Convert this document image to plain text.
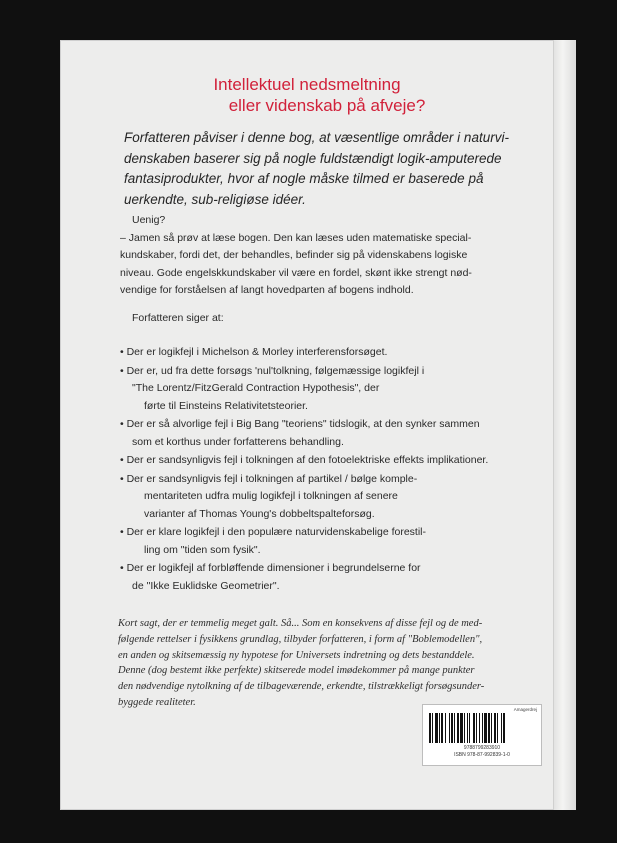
Intellektuel nedsmeltning
eller videnskab på afveje?
Forfatteren påviser i denne bog, at væsentlige områder i naturvi-
denskaben baserer sig på nogle fuldstændigt logik-amputerede
fantasiprodukter, hvor af nogle måske tilmed er baserede på
uerkendte, sub-religiøse idéer.
Uenig?
– Jamen så prøv at læse bogen. Den kan læses uden matematiske special-
kundskaber, fordi det, der behandles, befinder sig på videnskabens logiske
niveau. Gode engelskkundskaber vil være en fordel, skønt ikke strengt nød-
vendige for forståelsen af langt hovedparten af bogens indhold.
Forfatteren siger at:
• Der er logikfejl i Michelson & Morley interferensforsøget.
• Der er, ud fra dette forsøgs 'nul'tolkning, følgemæssige logikfejl i
"The Lorentz/FitzGerald Contraction Hypothesis", der
førte til Einsteins Relativitetsteorier.
• Der er så alvorlige fejl i Big Bang "teoriens" tidslogik, at den synker sammen
som et korthus under forfatterens behandling.
• Der er sandsynligvis fejl i tolkningen af den fotoelektriske effekts implikationer.
• Der er sandsynligvis fejl i tolkningen af partikel / bølge komple-
mentariteten udfra mulig logikfejl i tolkningen af senere
varianter af Thomas Young's dobbeltspalteforsøg.
• Der er klare logikfejl i den populære naturvidenskabelige forestil-
ling om "tiden som fysik".
• Der er logikfejl af forbløffende dimensioner i begrundelserne for
de "Ikke Euklidske Geometrier".
Kort sagt, der er temmelig meget galt. Så... Som en konsekvens af disse fejl og de med-
følgende rettelser i fysikkens grundlag, tilbyder forfatteren, i form af "Boblemodellen",
en anden og skitsemæssig ny hypotese for Universets indretning og dets bestanddele.
Denne (dog bestemt ikke perfekte) skitserede model imødekommer på mange punkter
den nødvendige nytolkning af de tilbageværende, erkendte, tilstrækkeligt forsøgsunder-
byggede realiteter.
Amagerdrej
9788799283910
ISBN 978-87-992839-1-0
